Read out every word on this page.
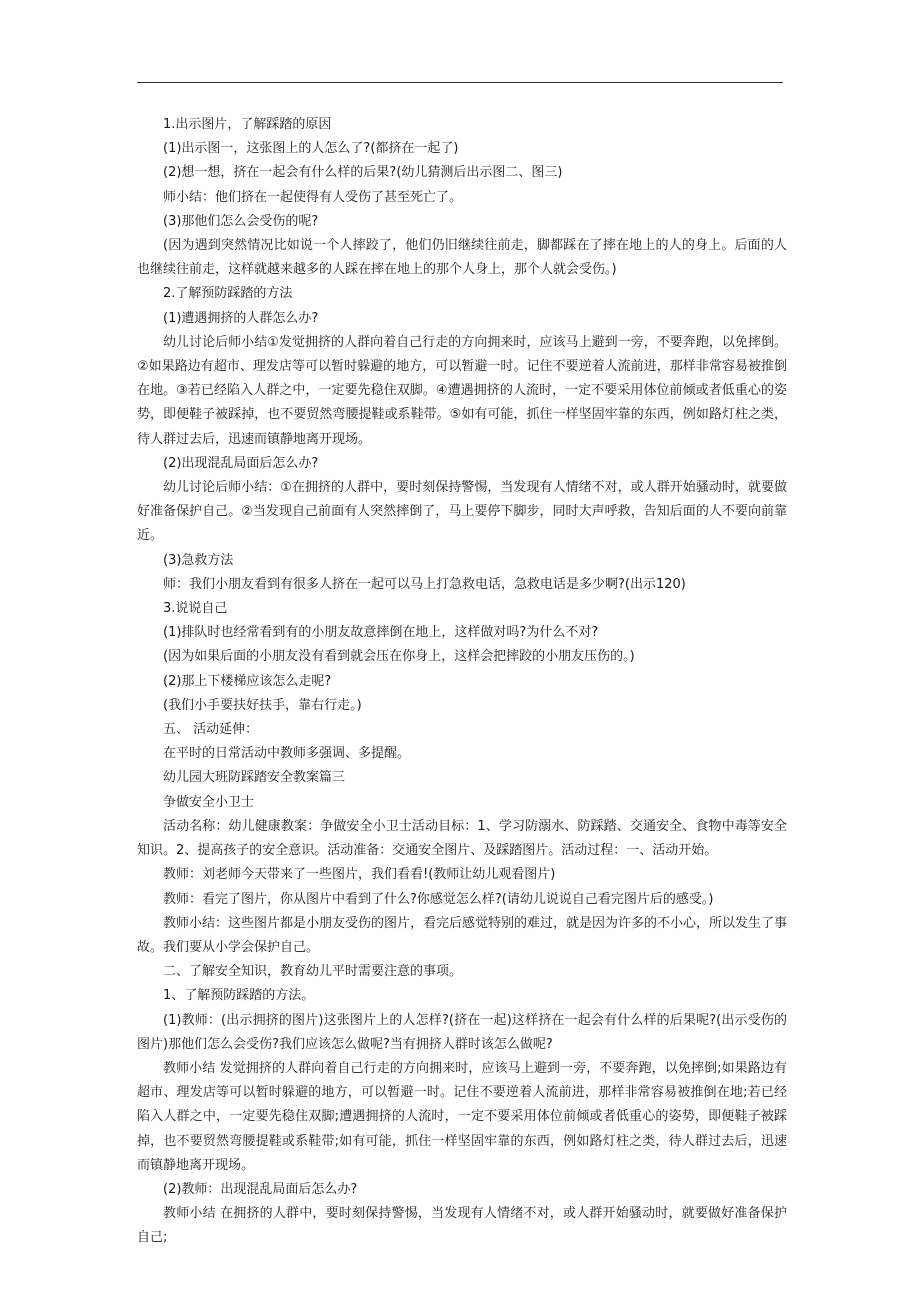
1.出示图片，了解踩踏的原因

(1)出示图一，这张图上的人怎么了?(都挤在一起了)

(2)想一想，挤在一起会有什么样的后果?(幼儿猜测后出示图二、图三)

师小结：他们挤在一起使得有人受伤了甚至死亡了。

(3)那他们怎么会受伤的呢?

(因为遇到突然情况比如说一个人摔跤了，他们仍旧继续往前走，脚都踩在了摔在地上的人的身上。后面的人也继续往前走，这样就越来越多的人踩在摔在地上的那个人身上，那个人就会受伤。)

2.了解预防踩踏的方法

(1)遭遇拥挤的人群怎么办?

幼儿讨论后师小结①发觉拥挤的人群向着自己行走的方向拥来时，应该马上避到一旁，不要奔跑，以免摔倒。②如果路边有超市、理发店等可以暂时躲避的地方，可以暂避一时。记住不要逆着人流前进，那样非常容易被推倒在地。③若已经陷入人群之中，一定要先稳住双脚。④遭遇拥挤的人流时，一定不要采用体位前倾或者低重心的姿势，即便鞋子被踩掉，也不要贸然弯腰提鞋或系鞋带。⑤如有可能，抓住一样坚固牢靠的东西，例如路灯柱之类，待人群过去后，迅速而镇静地离开现场。

(2)出现混乱局面后怎么办?

幼儿讨论后师小结：①在拥挤的人群中，要时刻保持警惕，当发现有人情绪不对，或人群开始骚动时，就要做好准备保护自己。②当发现自己前面有人突然摔倒了，马上要停下脚步，同时大声呼救，告知后面的人不要向前靠近。

(3)急救方法

师：我们小朋友看到有很多人挤在一起可以马上打急救电话，急救电话是多少啊?(出示120)

3.说说自己

(1)排队时也经常看到有的小朋友故意摔倒在地上，这样做对吗?为什么不对?

(因为如果后面的小朋友没有看到就会压在你身上，这样会把摔跤的小朋友压伤的。)

(2)那上下楼梯应该怎么走呢?

(我们小手要扶好扶手，靠右行走。)

五、 活动延伸：

在平时的日常活动中教师多强调、多提醒。

幼儿园大班防踩踏安全教案篇三

争做安全小卫士

活动名称：幼儿健康教案：争做安全小卫士活动目标：1、学习防溺水、防踩踏、交通安全、食物中毒等安全知识。2、提高孩子的安全意识。活动准备：交通安全图片、及踩踏图片。活动过程：一、活动开始。

教师：刘老师今天带来了一些图片，我们看看!(教师让幼儿观看图片)

教师：看完了图片，你从图片中看到了什么?你感觉怎么样?(请幼儿说说自己看完图片后的感受。)

教师小结：这些图片都是小朋友受伤的图片，看完后感觉特别的难过，就是因为许多的不小心，所以发生了事故。我们要从小学会保护自己。

二、了解安全知识，教育幼儿平时需要注意的事项。

1、了解预防踩踏的方法。

(1)教师：(出示拥挤的图片)这张图片上的人怎样?(挤在一起)这样挤在一起会有什么样的后果呢?(出示受伤的图片)那他们怎么会受伤?我们应该怎么做呢?当有拥挤人群时该怎么做呢?

教师小结 发觉拥挤的人群向着自己行走的方向拥来时，应该马上避到一旁，不要奔跑，以免摔倒;如果路边有超市、理发店等可以暂时躲避的地方，可以暂避一时。记住不要逆着人流前进，那样非常容易被推倒在地;若已经陷入人群之中，一定要先稳住双脚;遭遇拥挤的人流时，一定不要采用体位前倾或者低重心的姿势，即便鞋子被踩掉，也不要贸然弯腰提鞋或系鞋带;如有可能，抓住一样坚固牢靠的东西，例如路灯柱之类，待人群过去后，迅速而镇静地离开现场。

(2)教师：出现混乱局面后怎么办?

教师小结 在拥挤的人群中，要时刻保持警惕，当发现有人情绪不对，或人群开始骚动时，就要做好准备保护自己;
